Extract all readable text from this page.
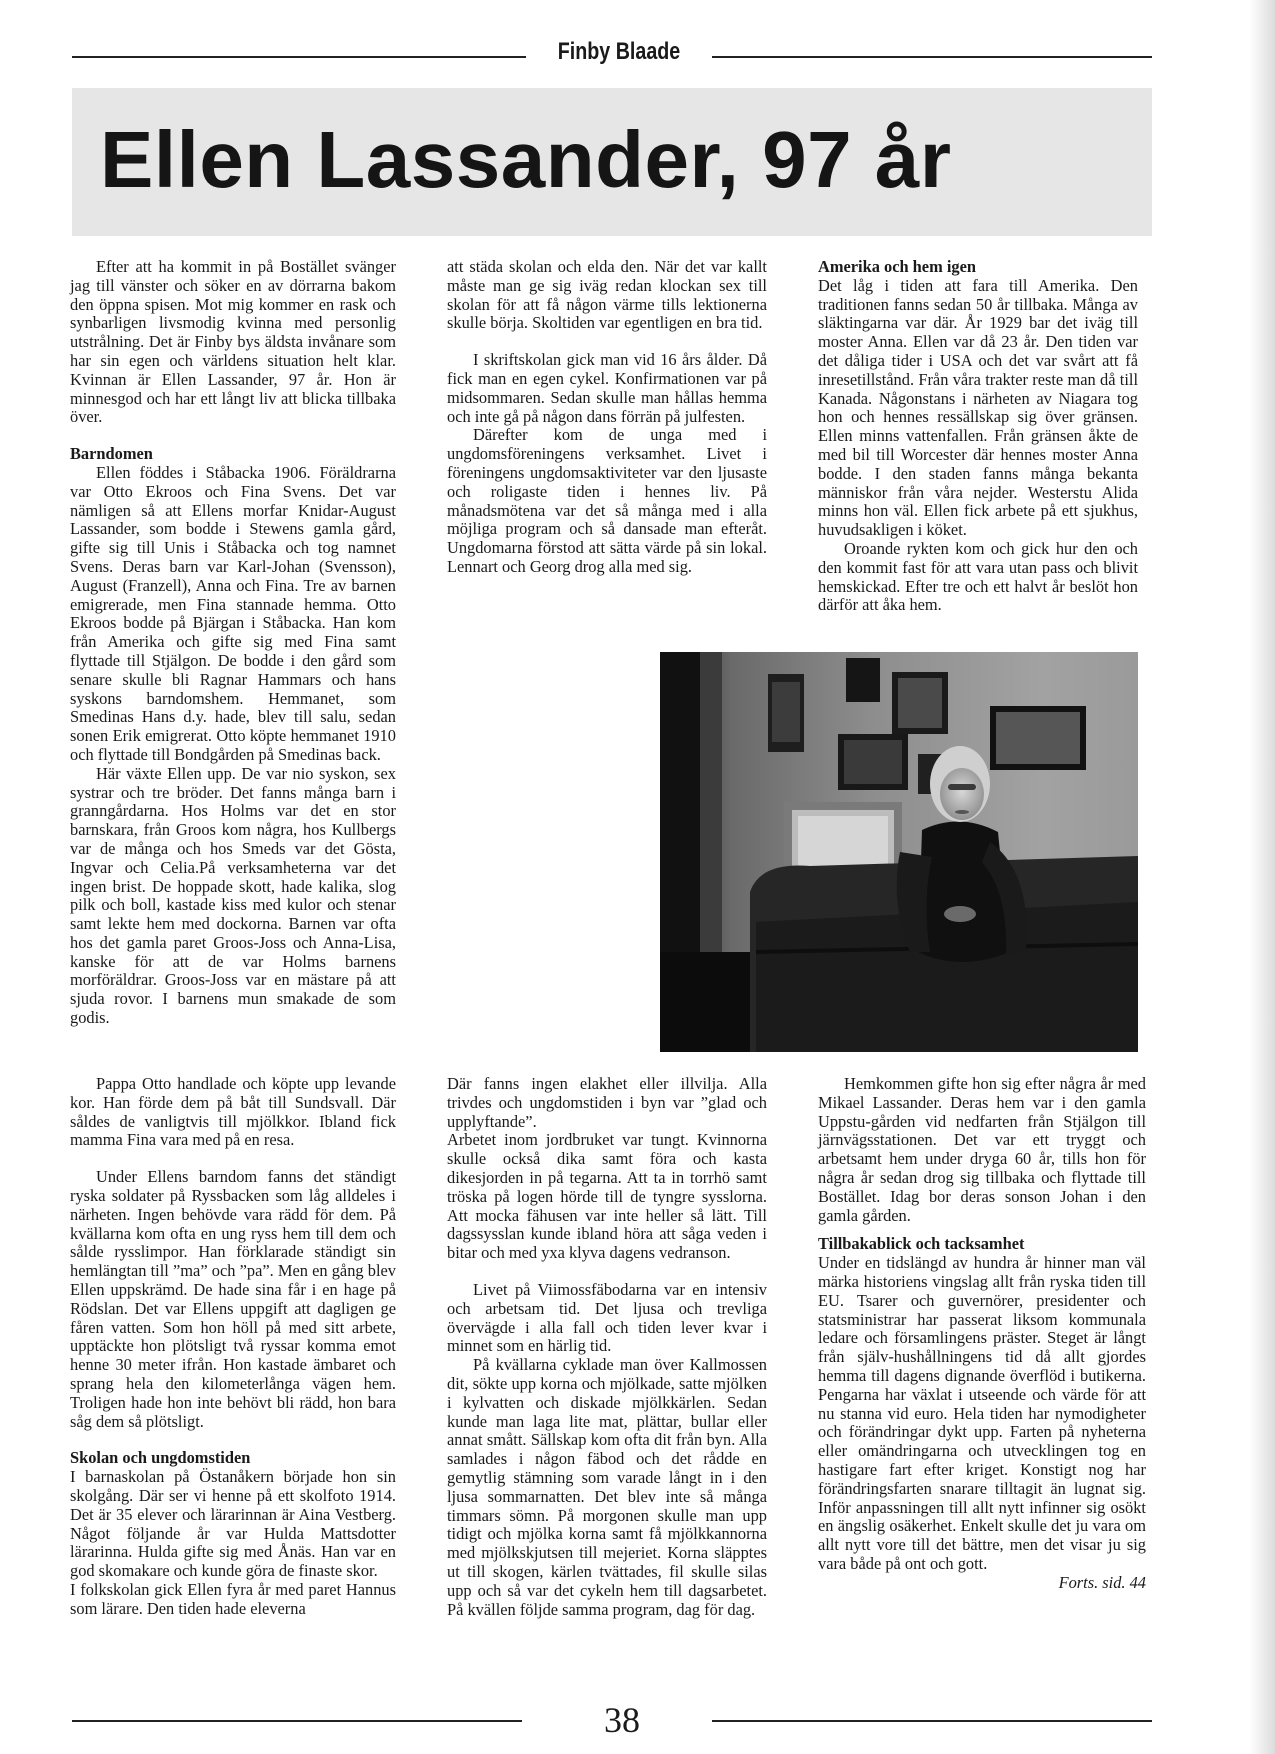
Finby Blaade
Ellen Lassander, 97 år

Efter att ha kommit in på Bostället svänger jag till vänster och söker en av dörrarna bakom den öppna spisen. Mot mig kommer en rask och synbarligen livsmodig kvinna med personlig utstrålning. Det är Finby bys äldsta invånare som har sin egen och världens situation helt klar. Kvinnan är Ellen Lassander, 97 år. Hon är minnesgod och har ett långt liv att blicka tillbaka över.

Barndomen

Ellen föddes i Ståbacka 1906. Föräldrarna var Otto Ekroos och Fina Svens. Det var nämligen så att Ellens morfar Knidar-August Lassander, som bodde i Stewens gamla gård, gifte sig till Unis i Ståbacka och tog namnet Svens. Deras barn var Karl-Johan (Svensson), August (Franzell), Anna och Fina. Tre av barnen emigrerade, men Fina stannade hemma. Otto Ekroos bodde på Bjärgan i Ståbacka. Han kom från Amerika och gifte sig med Fina samt flyttade till Stjälgon. De bodde i den gård som senare skulle bli Ragnar Hammars och hans syskons barndomshem. Hemmanet, som Smedinas Hans d.y. hade, blev till salu, sedan sonen Erik emigrerat. Otto köpte hemmanet 1910 och flyttade till Bondgården på Smedinas back.

Här växte Ellen upp. De var nio syskon, sex systrar och tre bröder. Det fanns många barn i granngårdarna. Hos Holms var det en stor barnskara, från Groos kom några, hos Kullbergs var de många och hos Smeds var det Gösta, Ingvar och Celia.På verksamheterna var det ingen brist. De hoppade skott, hade kalika, slog pilk och boll, kastade kiss med kulor och stenar samt lekte hem med dockorna. Barnen var ofta hos det gamla paret Groos-Joss och Anna-Lisa, kanske för att de var Holms barnens morföräldrar. Groos-Joss var en mästare på att sjuda rovor. I barnens mun smakade de som godis.

att städa skolan och elda den. När det var kallt måste man ge sig iväg redan klockan sex till skolan för att få någon värme tills lektionerna skulle börja. Skoltiden var egentligen en bra tid.

I skriftskolan gick man vid 16 års ålder. Då fick man en egen cykel. Konfirmationen var på midsommaren. Sedan skulle man hållas hemma och inte gå på någon dans förrän på julfesten.

Därefter kom de unga med i ungdomsföreningens verksamhet. Livet i föreningens ungdomsaktiviteter var den ljusaste och roligaste tiden i hennes liv. På månadsmötena var det så många med i alla möjliga program och så dansade man efteråt. Ungdomarna förstod att sätta värde på sin lokal. Lennart och Georg drog alla med sig.

Amerika och hem igen

Det låg i tiden att fara till Amerika. Den traditionen fanns sedan 50 år tillbaka. Många av släktingarna var där. År 1929 bar det iväg till moster Anna. Ellen var då 23 år. Den tiden var det dåliga tider i USA och det var svårt att få inresetillstånd. Från våra trakter reste man då till Kanada. Någonstans i närheten av Niagara tog hon och hennes ressällskap sig över gränsen. Ellen minns vattenfallen. Från gränsen åkte de med bil till Worcester där hennes moster Anna bodde. I den staden fanns många bekanta människor från våra nejder. Westerstu Alida minns hon väl. Ellen fick arbete på ett sjukhus, huvudsakligen i köket.

Oroande rykten kom och gick hur den och den kommit fast för att vara utan pass och blivit hemskickad. Efter tre och ett halvt år beslöt hon därför att åka hem.

Pappa Otto handlade och köpte upp levande kor. Han förde dem på båt till Sundsvall. Där såldes de vanligtvis till mjölkkor. Ibland fick mamma Fina vara med på en resa.

Under Ellens barndom fanns det ständigt ryska soldater på Ryssbacken som låg alldeles i närheten. Ingen behövde vara rädd för dem. På kvällarna kom ofta en ung ryss hem till dem och sålde rysslimpor. Han förklarade ständigt sin hemlängtan till ”ma” och ”pa”. Men en gång blev Ellen uppskrämd. De hade sina får i en hage på Rödslan. Det var Ellens uppgift att dagligen ge fåren vatten. Som hon höll på med sitt arbete, upptäckte hon plötsligt två ryssar komma emot henne 30 meter ifrån. Hon kastade ämbaret och sprang hela den kilometerlånga vägen hem. Troligen hade hon inte behövt bli rädd, hon bara såg dem så plötsligt.

Skolan och ungdomstiden

I barnaskolan på Östanåkern började hon sin skolgång. Där ser vi henne på ett skolfoto 1914. Det är 35 elever och lärarinnan är Aina Vestberg. Något följande år var Hulda Mattsdotter lärarinna. Hulda gifte sig med Ånäs. Han var en god skomakare och kunde göra de finaste skor.

I folkskolan gick Ellen fyra år med paret Hannus som lärare. Den tiden hade eleverna

Där fanns ingen elakhet eller illvilja. Alla trivdes och ungdomstiden i byn var ”glad och upplyftande”.

Arbetet inom jordbruket var tungt. Kvinnorna skulle också dika samt föra och kasta dikesjorden in på tegarna. Att ta in torrhö samt tröska på logen hörde till de tyngre sysslorna. Att mocka fähusen var inte heller så lätt. Till dagssysslan kunde ibland höra att såga veden i bitar och med yxa klyva dagens vedranson.

Livet på Viimossfäbodarna var en intensiv och arbetsam tid. Det ljusa och trevliga övervägde i alla fall och tiden lever kvar i minnet som en härlig tid.

På kvällarna cyklade man över Kallmossen dit, sökte upp korna och mjölkade, satte mjölken i kylvatten och diskade mjölkkärlen. Sedan kunde man laga lite mat, plättar, bullar eller annat smått. Sällskap kom ofta dit från byn. Alla samlades i någon fäbod och det rådde en gemytlig stämning som varade långt in i den ljusa sommarnatten. Det blev inte så många timmars sömn. På morgonen skulle man upp tidigt och mjölka korna samt få mjölkkannorna med mjölkskjutsen till mejeriet. Korna släpptes ut till skogen, kärlen tvättades, fil skulle silas upp och så var det cykeln hem till dagsarbetet. På kvällen följde samma program, dag för dag.

Hemkommen gifte hon sig efter några år med Mikael Lassander. Deras hem var i den gamla Uppstu-gården vid nedfarten från Stjälgon till järnvägsstationen. Det var ett tryggt och arbetsamt hem under dryga 60 år, tills hon för några år sedan drog sig tillbaka och flyttade till Bostället. Idag bor deras sonson Johan i den gamla gården.

Tillbakablick och tacksamhet

Under en tidslängd av hundra år hinner man väl märka historiens vingslag allt från ryska tiden till EU. Tsarer och guvernörer, presidenter och statsministrar har passerat liksom kommunala ledare och församlingens präster. Steget är långt från själv-hushållningens tid då allt gjordes hemma till dagens dignande överflöd i butikerna. Pengarna har växlat i utseende och värde för att nu stanna vid euro. Hela tiden har nymodigheter och förändringar dykt upp. Farten på nyheterna eller omändringarna och utvecklingen tog en hastigare fart efter kriget. Konstigt nog har förändringsfarten snarare tilltagit än lugnat sig. Inför anpassningen till allt nytt infinner sig osökt en ängslig osäkerhet. Enkelt skulle det ju vara om allt nytt vore till det bättre, men det visar ju sig vara både på ont och gott.

Forts. sid. 44

38
